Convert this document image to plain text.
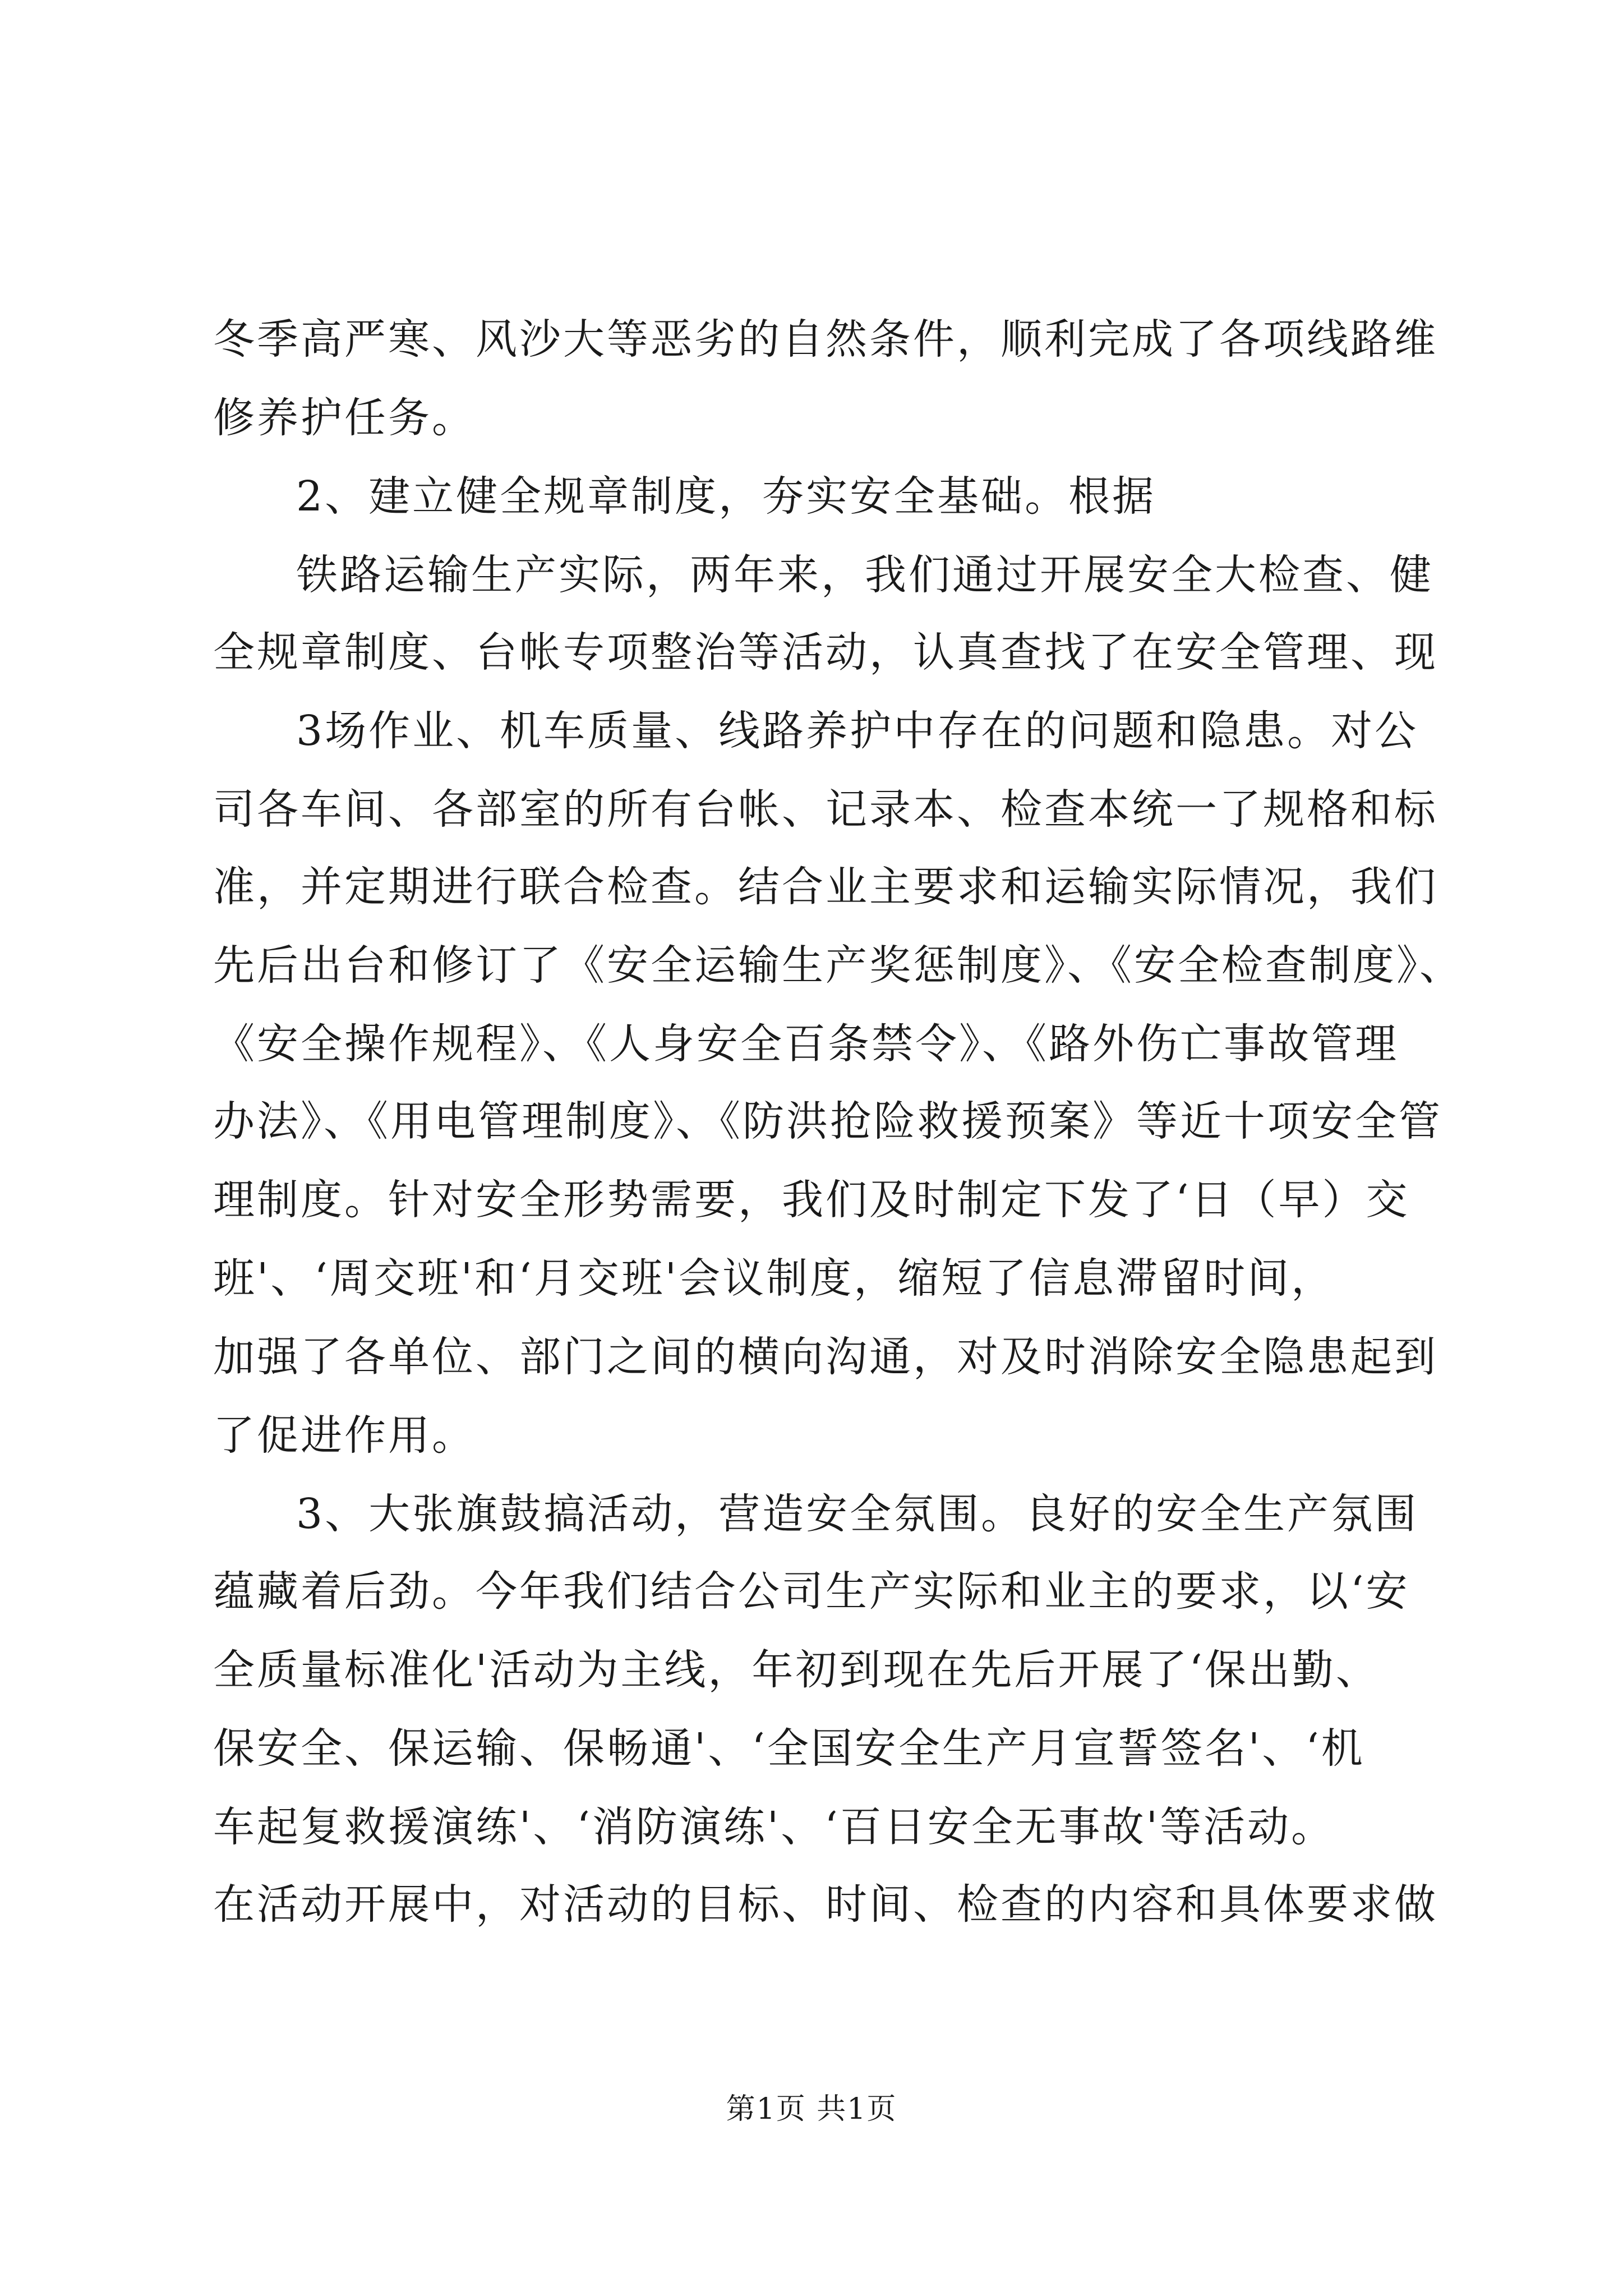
冬季高严寒、风沙大等恶劣的自然条件，顺利完成了各项线路维
修养护任务。
2、建立健全规章制度，夯实安全基础。根据
铁路运输生产实际，两年来，我们通过开展安全大检查、健
全规章制度、台帐专项整治等活动，认真查找了在安全管理、现
3场作业、机车质量、线路养护中存在的问题和隐患。对公
司各车间、各部室的所有台帐、记录本、检查本统一了规格和标
准，并定期进行联合检查。结合业主要求和运输实际情况，我们
先后出台和修订了《安全运输生产奖惩制度》、《安全检查制度》、
《安全操作规程》、《人身安全百条禁令》、《路外伤亡事故管理
办法》、《用电管理制度》、《防洪抢险救援预案》等近十项安全管
理制度。针对安全形势需要，我们及时制定下发了‘日（早）交
班'、‘周交班'和‘月交班'会议制度，缩短了信息滞留时间，
加强了各单位、部门之间的横向沟通，对及时消除安全隐患起到
了促进作用。
3、大张旗鼓搞活动，营造安全氛围。良好的安全生产氛围
蕴藏着后劲。今年我们结合公司生产实际和业主的要求，以‘安
全质量标准化'活动为主线，年初到现在先后开展了‘保出勤、
保安全、保运输、保畅通'、‘全国安全生产月宣誓签名'、‘机
车起复救援演练'、‘消防演练'、‘百日安全无事故'等活动。
在活动开展中，对活动的目标、时间、检查的内容和具体要求做
第1页 共1页
